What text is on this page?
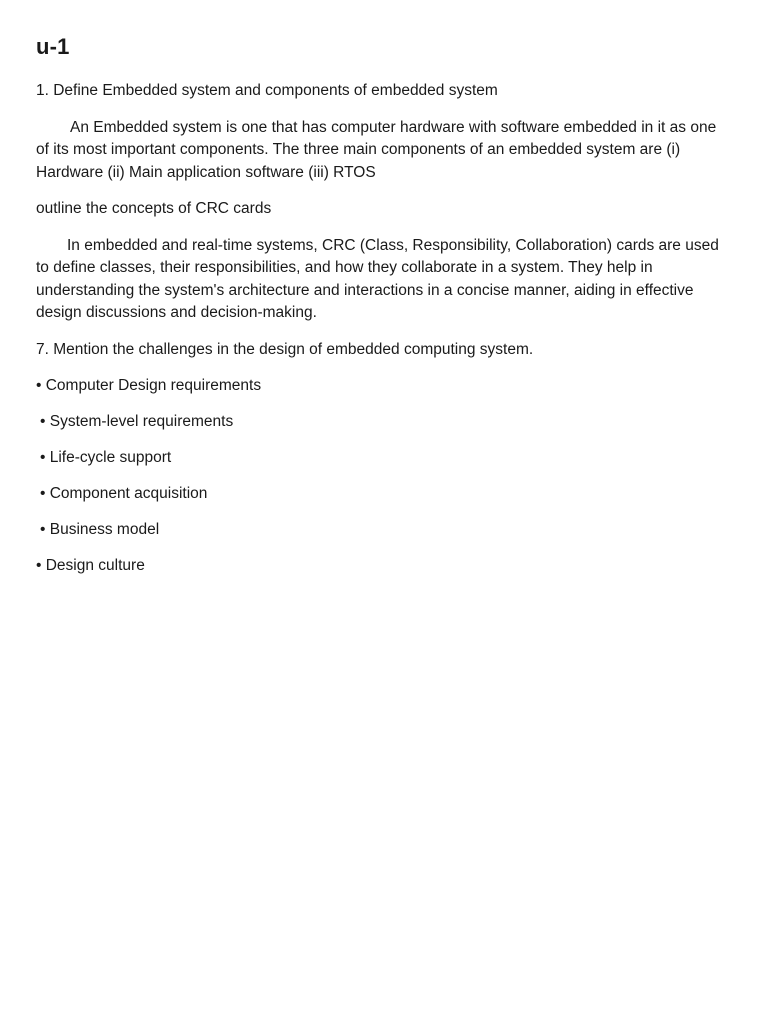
u-1

1. Define Embedded system and components of embedded system

An Embedded system is one that has computer hardware with software embedded in it as one of its most important components. The three main components of an embedded system are (i) Hardware (ii) Main application software (iii) RTOS

outline the concepts of CRC cards

In embedded and real-time systems, CRC (Class, Responsibility, Collaboration) cards are used to define classes, their responsibilities, and how they collaborate in a system. They help in understanding the system's architecture and interactions in a concise manner, aiding in effective design discussions and decision-making.

7. Mention the challenges in the design of embedded computing system.

• Computer Design requirements
• System-level requirements
• Life-cycle support
• Component acquisition
• Business model
• Design culture
